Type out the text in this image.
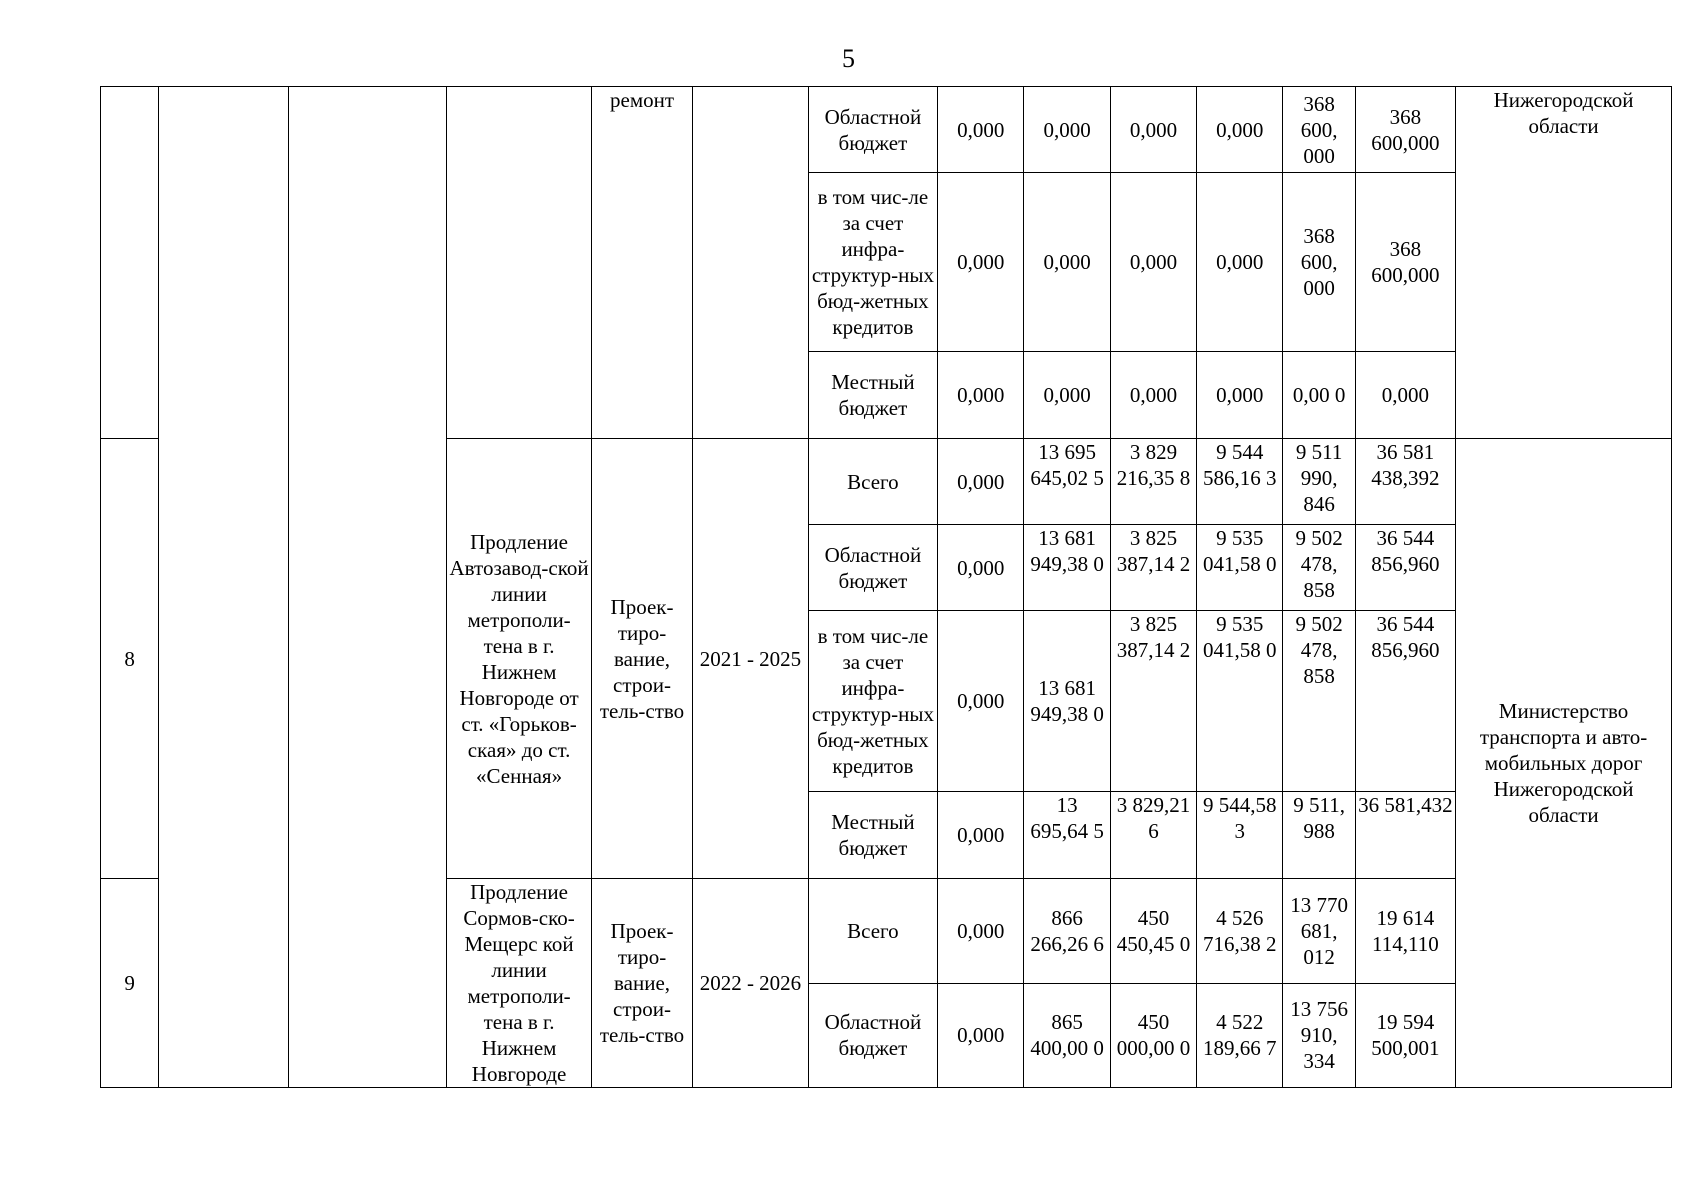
5
				ремонт		Областной бюджет	0,000	0,000	0,000	0,000	368 600, 000	368 600,000	Нижегородской области
						в том чис-ле за счет инфра-структур-ных бюд-жетных кредитов	0,000	0,000	0,000	0,000	368 600, 000	368 600,000	
						Местный бюджет	0,000	0,000	0,000	0,000	0,00 0	0,000	
8			Продление Автозавод-ской линии метрополи-тена в г. Нижнем Новгороде от ст. «Горьков-ская» до ст. «Сенная»	Проек-тиро-вание, строи-тель-ство	2021 - 2025	Всего	0,000	13 695 645,02 5	3 829 216,35 8	9 544 586,16 3	9 511 990, 846	36 581 438,392	Министерство транспорта и авто-мобильных дорог Нижегородской области
						Областной бюджет	0,000	13 681 949,38 0	3 825 387,14 2	9 535 041,58 0	9 502 478, 858	36 544 856,960	
						в том чис-ле за счет инфра-структур-ных бюд-жетных кредитов	0,000	13 681 949,38 0	3 825 387,14 2	9 535 041,58 0	9 502 478, 858	36 544 856,960	
						Местный бюджет	0,000	13 695,64 5	3 829,21 6	9 544,58 3	9 511, 988	36 581,432	
9			Продление Сормов-ско-Мещерс кой линии метрополи-тена в г. Нижнем Новгороде	Проек-тиро-вание, строи-тель-ство	2022 - 2026	Всего	0,000	866 266,26 6	450 450,45 0	4 526 716,38 2	13 770 681, 012	19 614 114,110	
						Областной бюджет	0,000	865 400,00 0	450 000,00 0	4 522 189,66 7	13 756 910, 334	19 594 500,001	
